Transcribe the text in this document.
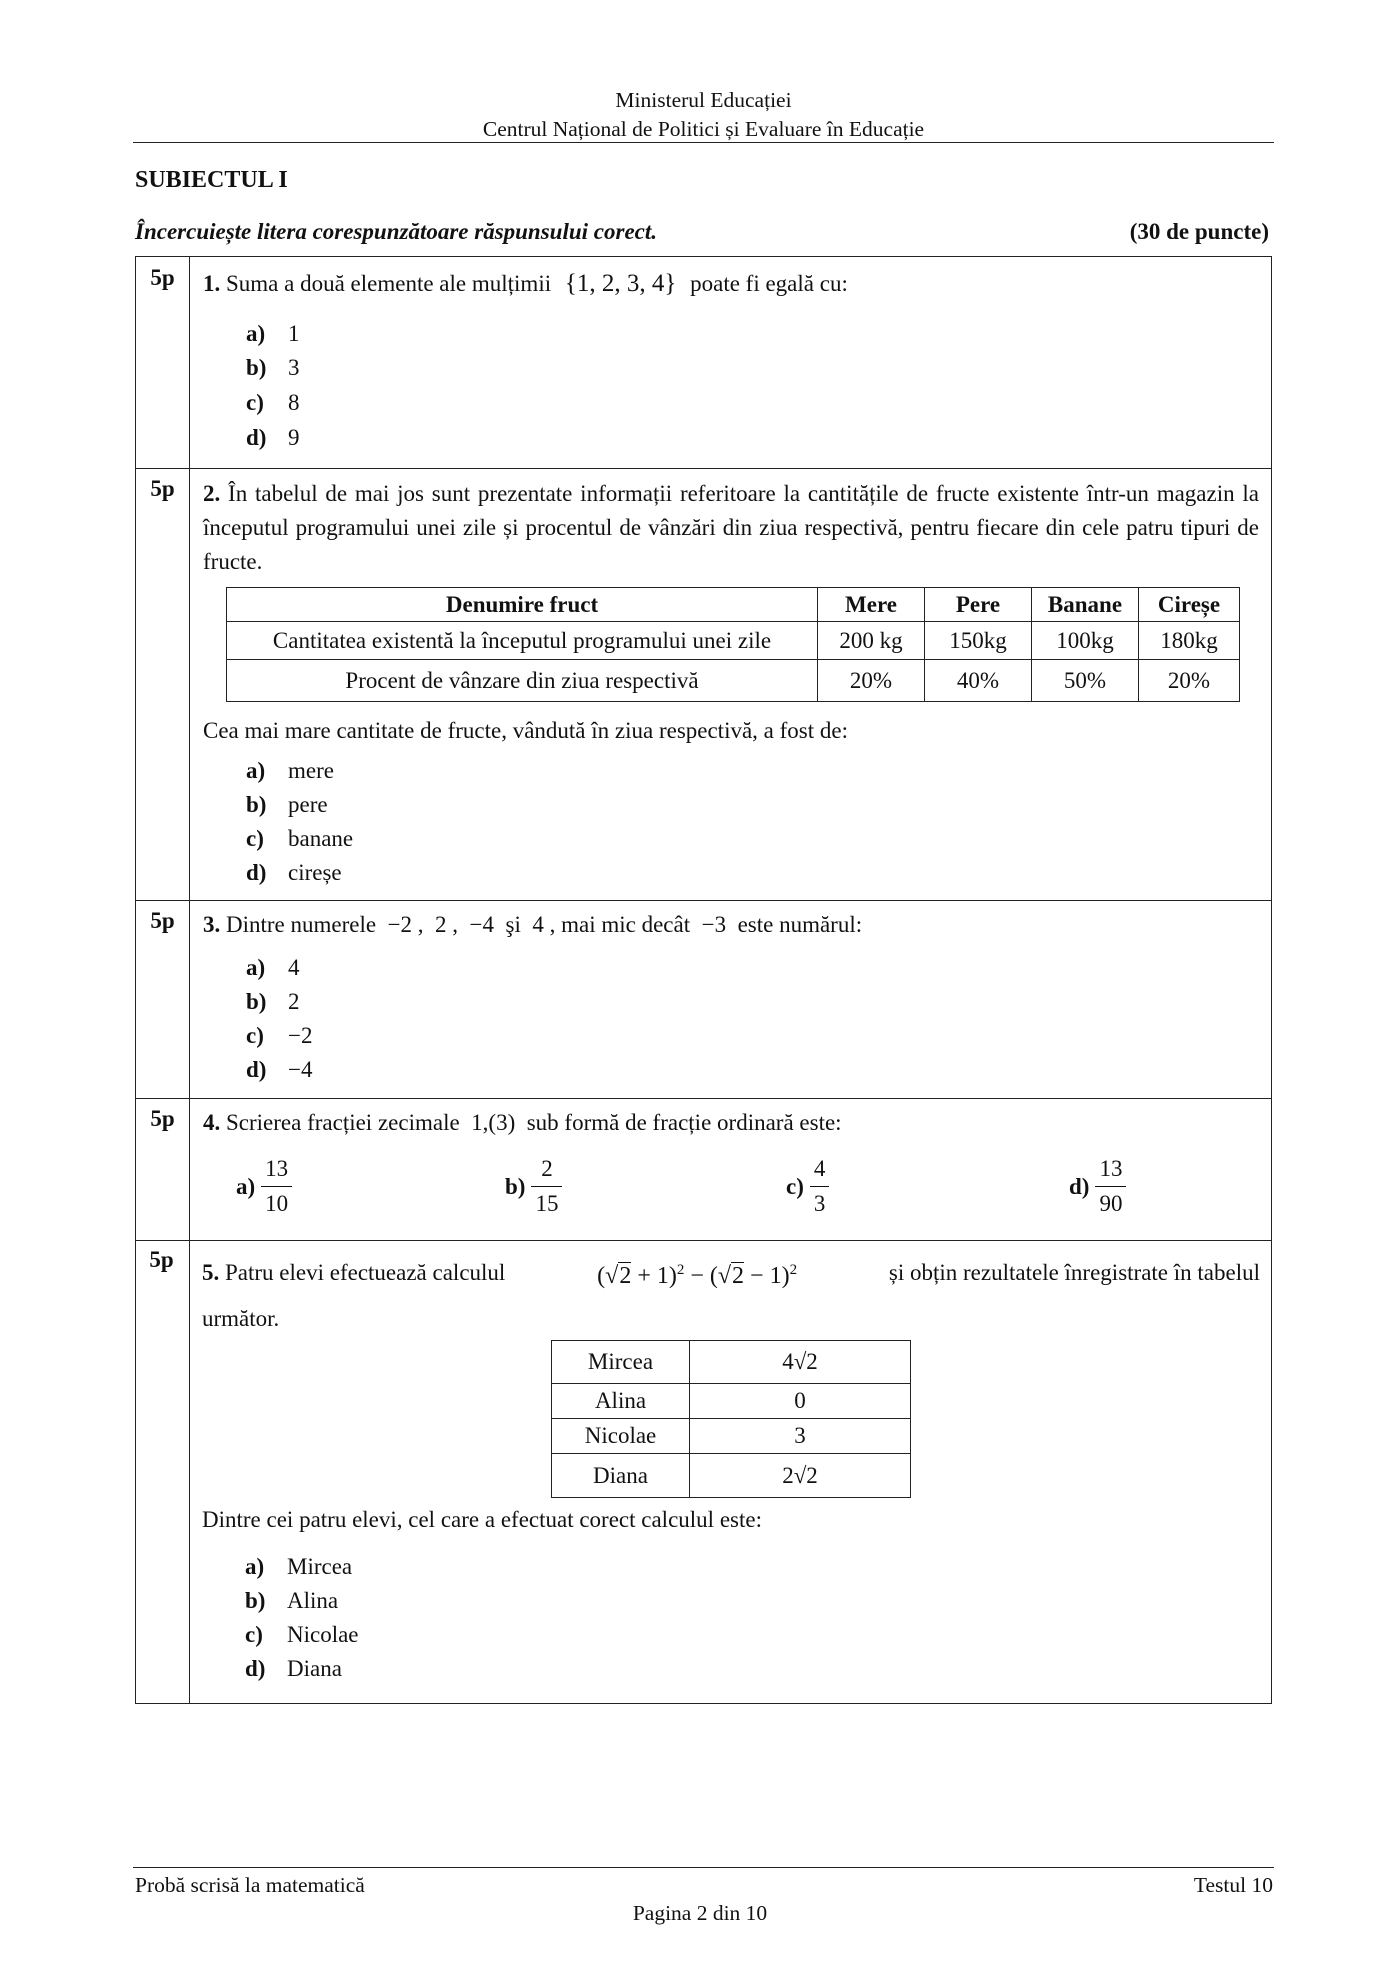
Ministerul Educației
Centrul Național de Politici și Evaluare în Educație
SUBIECTUL I
Încercuiește litera corespunzătoare răspunsului corect.	(30 de puncte)
5p	1. Suma a două elemente ale mulțimii {1, 2, 3, 4} poate fi egală cu:
a) 1
b) 3
c) 8
d) 9
5p	2. În tabelul de mai jos sunt prezentate informații referitoare la cantitățile de fructe existente într-un magazin la începutul programului unei zile și procentul de vânzări din ziua respectivă, pentru fiecare din cele patru tipuri de fructe.
Denumire fruct	Mere	Pere	Banane	Cireșe
Cantitatea existentă la începutul programului unei zile	200 kg	150kg	100kg	180kg
Procent de vânzare din ziua respectivă	20%	40%	50%	20%
Cea mai mare cantitate de fructe, vândută în ziua respectivă, a fost de:
a) mere
b) pere
c) banane
d) cireșe
5p	3. Dintre numerele  −2 ,  2 ,  −4  şi  4 , mai mic decât  −3  este numărul:
a) 4
b) 2
c) −2
d) −4
5p	4. Scrierea fracției zecimale  1,(3)  sub formă de fracție ordinară este:
$a) \frac{13}{10}$	$b) \frac{2}{15}$	$c) \frac{4}{3}$	$d) \frac{13}{90}$
5p
5. Patru elevi efectuează calculul	$(√2 + 1)^2 - (√2 - 1)^2$	și obțin rezultatele înregistrate în tabelul
următor.
Mircea	4√2
Alina	0
Nicolae	3
Diana	2√2
Dintre cei patru elevi, cel care a efectuat corect calculul este:
a) Mircea
b) Alina
c) Nicolae
d) Diana
Probă scrisă la matematică	Testul 10
Pagina 2 din 10
